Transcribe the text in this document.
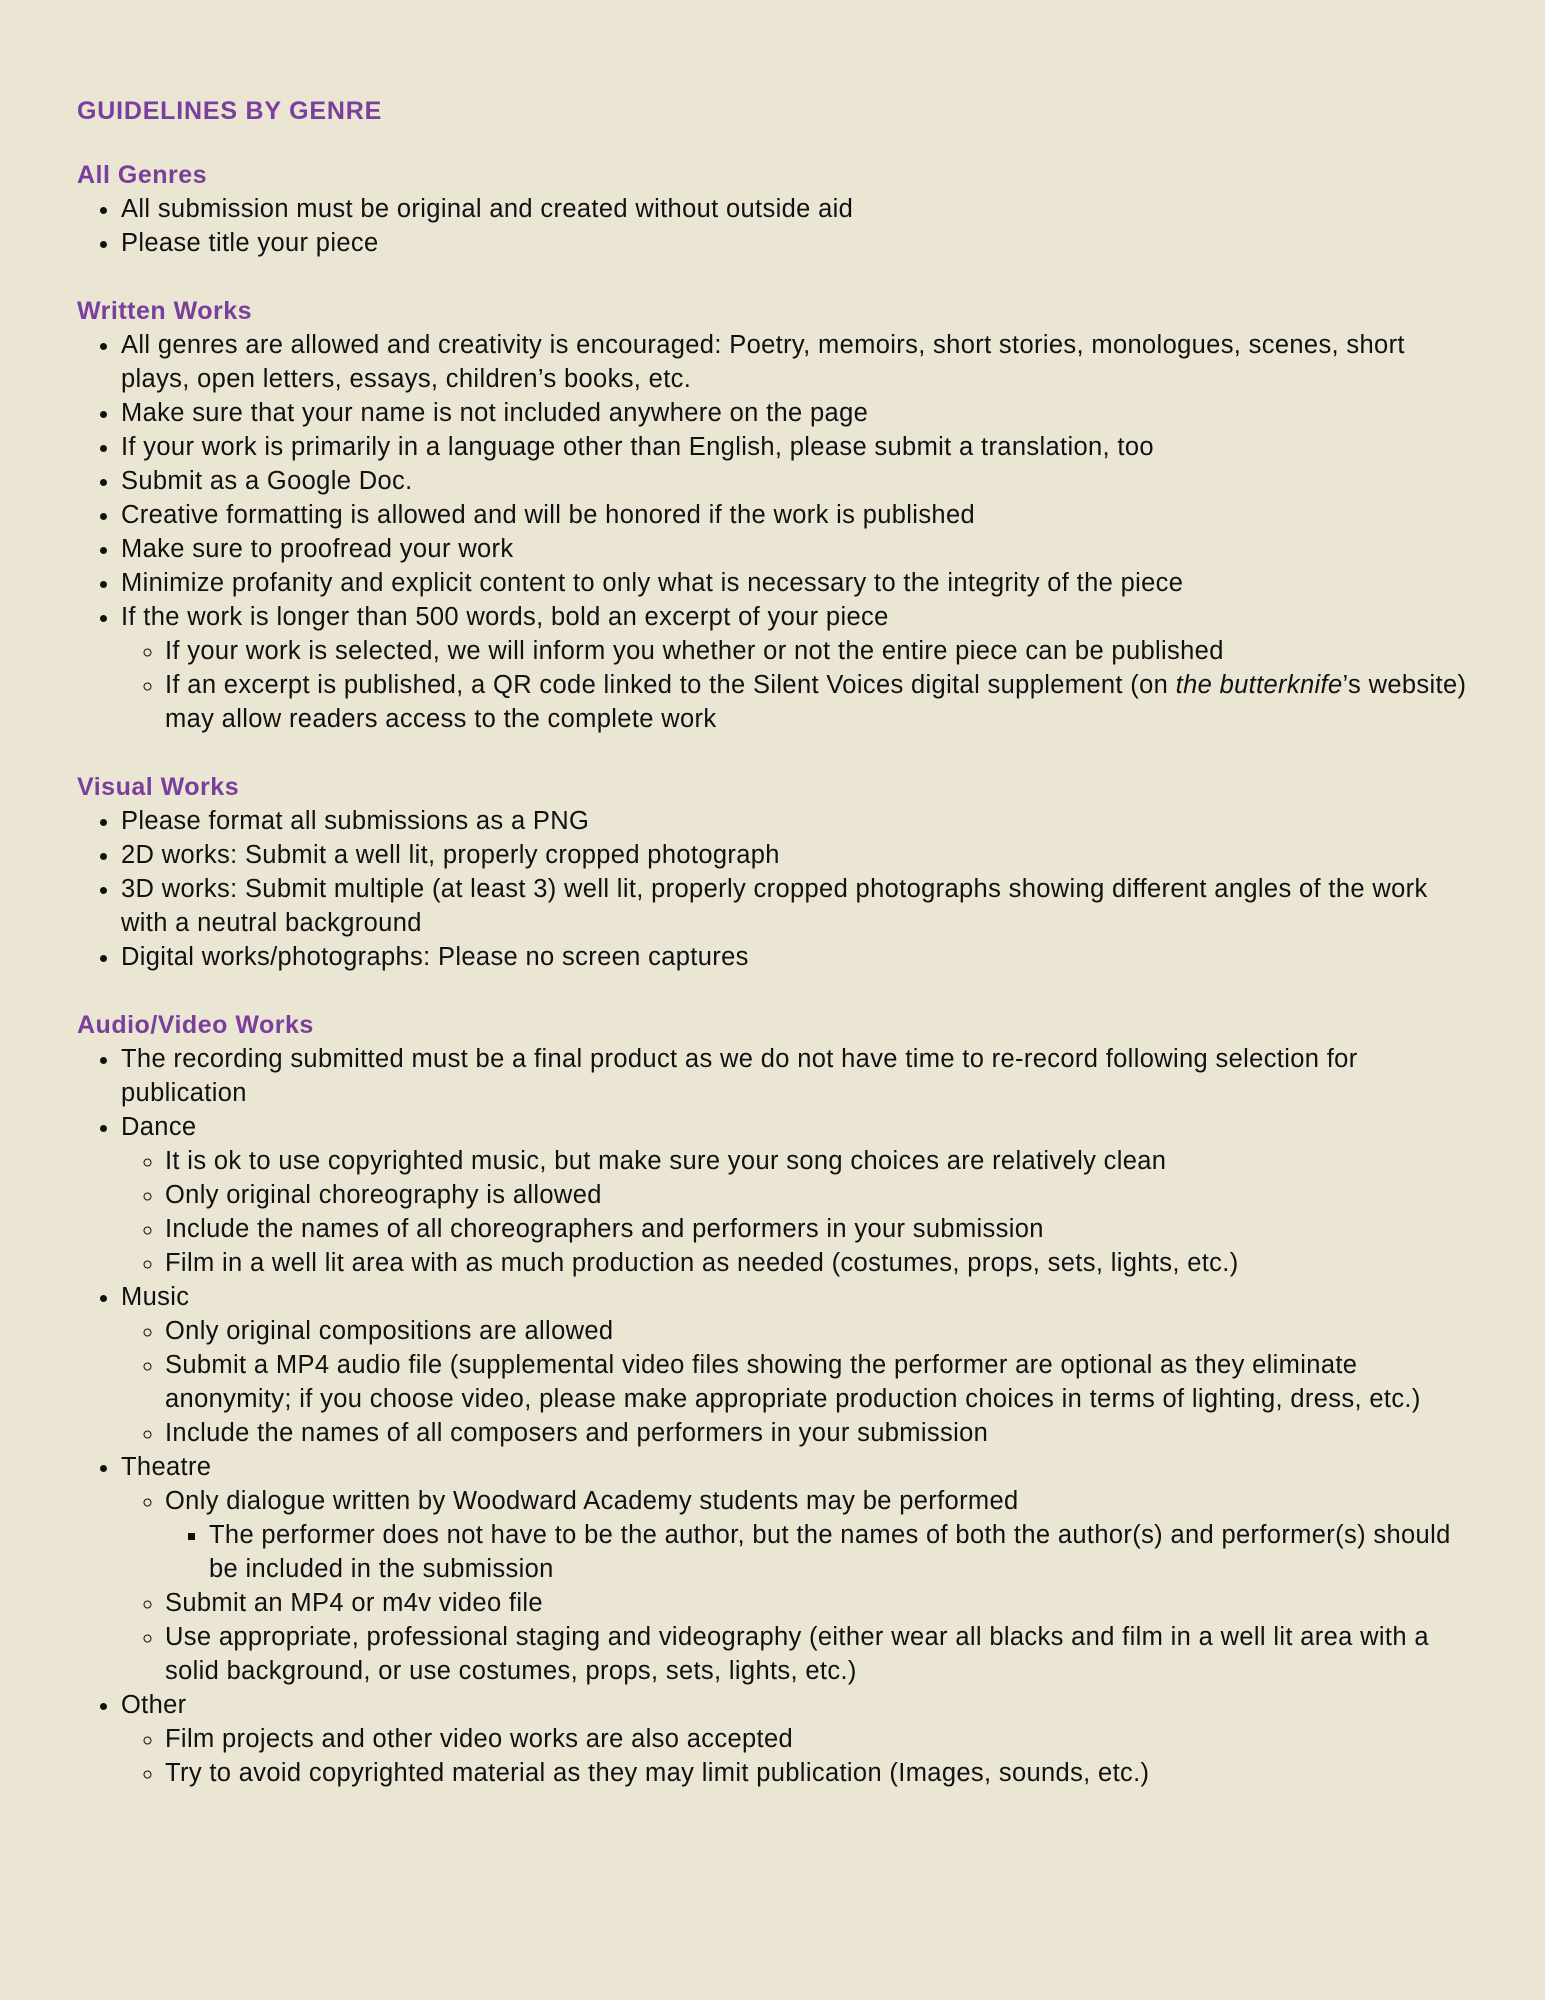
GUIDELINES BY GENRE
All Genres
• All submission must be original and created without outside aid
• Please title your piece
Written Works
• All genres are allowed and creativity is encouraged: Poetry, memoirs, short stories, monologues, scenes, short plays, open letters, essays, children’s books, etc.
• Make sure that your name is not included anywhere on the page
• If your work is primarily in a language other than English, please submit a translation, too
• Submit as a Google Doc.
• Creative formatting is allowed and will be honored if the work is published
• Make sure to proofread your work
• Minimize profanity and explicit content to only what is necessary to the integrity of the piece
• If the work is longer than 500 words, bold an excerpt of your piece
◦ If your work is selected, we will inform you whether or not the entire piece can be published
◦ If an excerpt is published, a QR code linked to the Silent Voices digital supplement (on the butterknife’s website) may allow readers access to the complete work
Visual Works
• Please format all submissions as a PNG
• 2D works: Submit a well lit, properly cropped photograph
• 3D works: Submit multiple (at least 3) well lit, properly cropped photographs showing different angles of the work with a neutral background
• Digital works/photographs: Please no screen captures
Audio/Video Works
• The recording submitted must be a final product as we do not have time to re-record following selection for publication
• Dance
◦ It is ok to use copyrighted music, but make sure your song choices are relatively clean
◦ Only original choreography is allowed
◦ Include the names of all choreographers and performers in your submission
◦ Film in a well lit area with as much production as needed (costumes, props, sets, lights, etc.)
• Music
◦ Only original compositions are allowed
◦ Submit a MP4 audio file (supplemental video files showing the performer are optional as they eliminate anonymity; if you choose video, please make appropriate production choices in terms of lighting, dress, etc.)
◦ Include the names of all composers and performers in your submission
• Theatre
◦ Only dialogue written by Woodward Academy students may be performed
▪ The performer does not have to be the author, but the names of both the author(s) and performer(s) should be included in the submission
◦ Submit an MP4 or m4v video file
◦ Use appropriate, professional staging and videography (either wear all blacks and film in a well lit area with a solid background, or use costumes, props, sets, lights, etc.)
• Other
◦ Film projects and other video works are also accepted
◦ Try to avoid copyrighted material as they may limit publication (Images, sounds, etc.)
